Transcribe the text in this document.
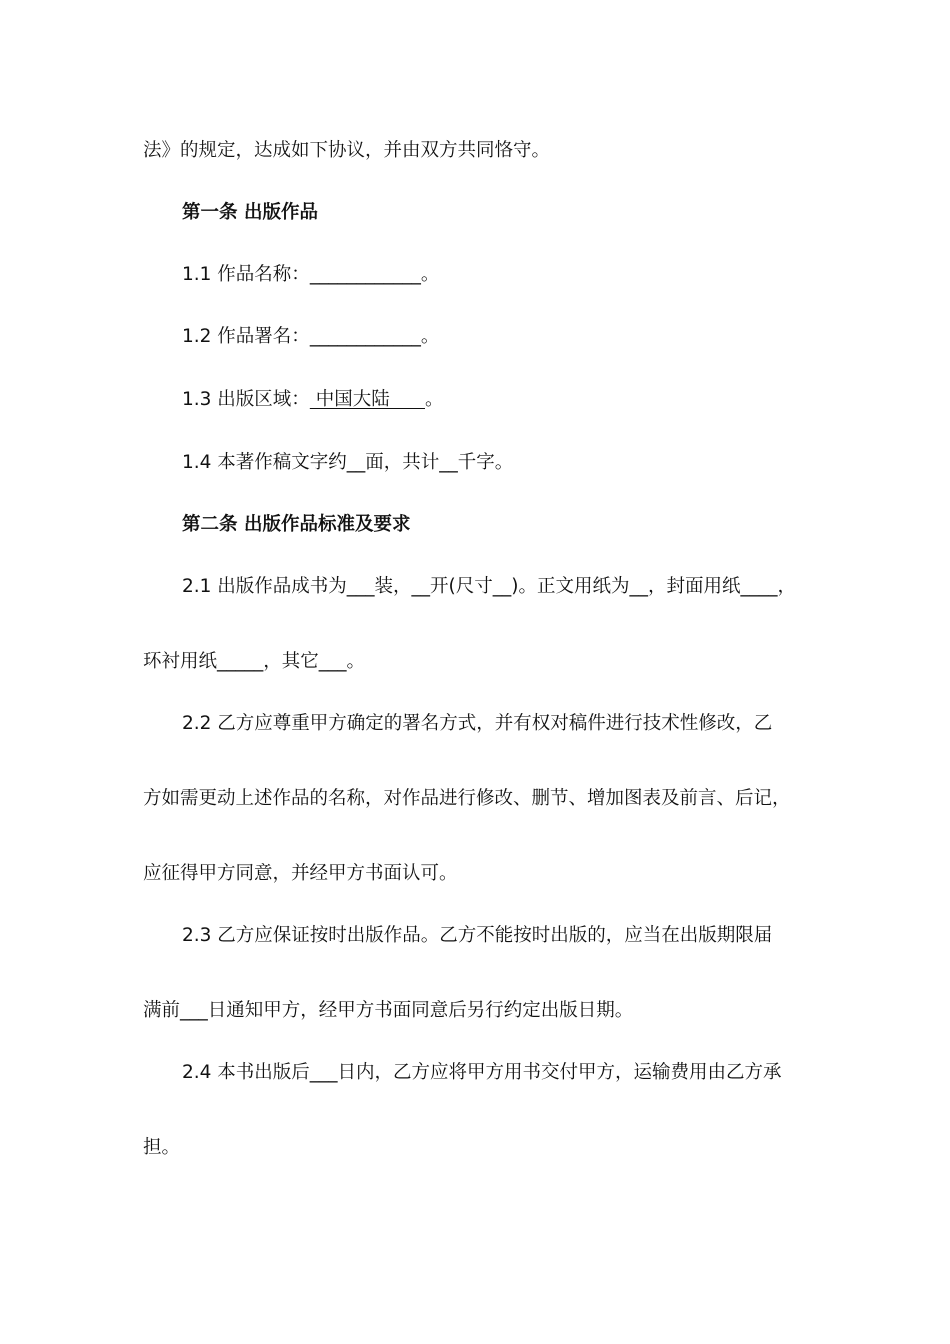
法》的规定，达成如下协议，并由双方共同恪守。
第一条 出版作品
1.1 作品名称：____________。
1.2 作品署名：____________。
1.3 出版区域： 中国大陆      。
1.4 本著作稿文字约__面，共计__千字。
第二条 出版作品标准及要求
2.1 出版作品成书为___装，__开(尺寸__)。正文用纸为__，封面用纸____，
环衬用纸_____，其它___。
2.2 乙方应尊重甲方确定的署名方式，并有权对稿件进行技术性修改，乙
方如需更动上述作品的名称，对作品进行修改、删节、增加图表及前言、后记，
应征得甲方同意，并经甲方书面认可。
2.3 乙方应保证按时出版作品。乙方不能按时出版的，应当在出版期限届
满前___日通知甲方，经甲方书面同意后另行约定出版日期。
2.4 本书出版后___日内，乙方应将甲方用书交付甲方，运输费用由乙方承
担。
